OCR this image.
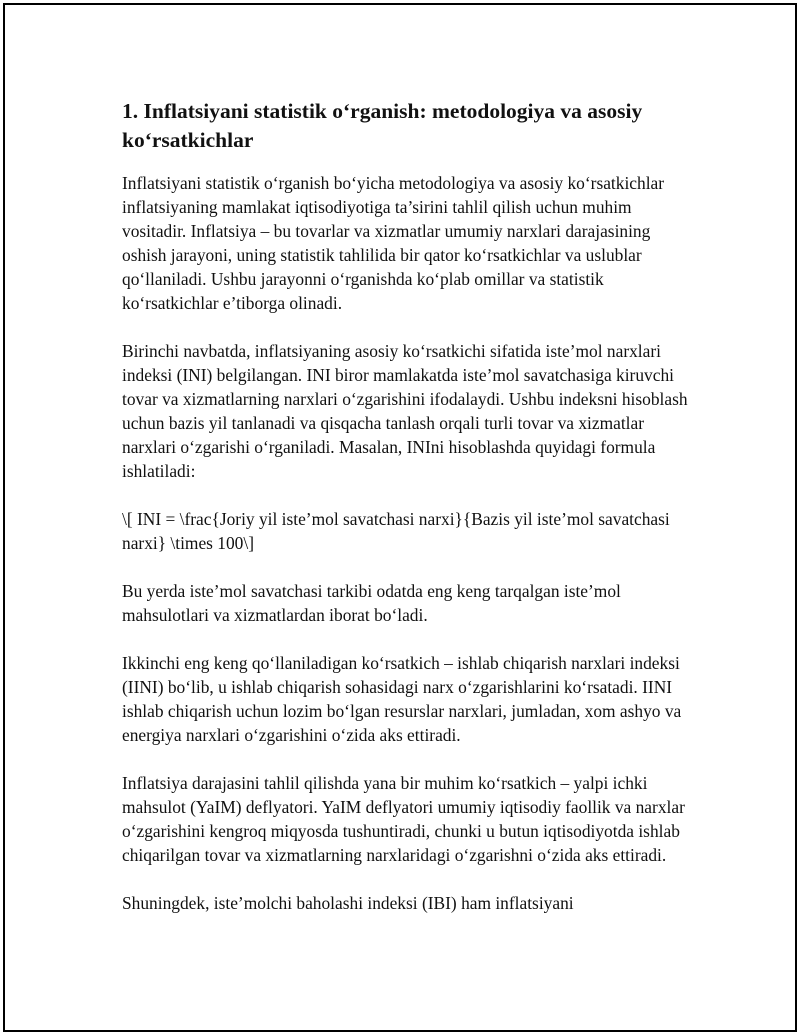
1. Inflatsiyani statistik o‘rganish: metodologiya va asosiy ko‘rsatkichlar

Inflatsiyani statistik o‘rganish bo‘yicha metodologiya va asosiy ko‘rsatkichlar inflatsiyaning mamlakat iqtisodiyotiga ta’sirini tahlil qilish uchun muhim vositadir. Inflatsiya – bu tovarlar va xizmatlar umumiy narxlari darajasining oshish jarayoni, uning statistik tahlilida bir qator ko‘rsatkichlar va uslublar qo‘llaniladi. Ushbu jarayonni o‘rganishda ko‘plab omillar va statistik ko‘rsatkichlar e’tiborga olinadi.

Birinchi navbatda, inflatsiyaning asosiy ko‘rsatkichi sifatida iste’mol narxlari indeksi (INI) belgilangan. INI biror mamlakatda iste’mol savatchasiga kiruvchi tovar va xizmatlarning narxlari o‘zgarishini ifodalaydi. Ushbu indeksni hisoblash uchun bazis yil tanlanadi va qisqacha tanlash orqali turli tovar va xizmatlar narxlari o‘zgarishi o‘rganiladi. Masalan, INIni hisoblashda quyidagi formula ishlatiladi:

\[ INI = \frac{Joriy yil iste’mol savatchasi narxi}{Bazis yil iste’mol savatchasi narxi} \times 100\]

Bu yerda iste’mol savatchasi tarkibi odatda eng keng tarqalgan iste’mol mahsulotlari va xizmatlardan iborat bo‘ladi.

Ikkinchi eng keng qo‘llaniladigan ko‘rsatkich – ishlab chiqarish narxlari indeksi (IINI) bo‘lib, u ishlab chiqarish sohasidagi narx o‘zgarishlarini ko‘rsatadi. IINI ishlab chiqarish uchun lozim bo‘lgan resurslar narxlari, jumladan, xom ashyo va energiya narxlari o‘zgarishini o‘zida aks ettiradi.

Inflatsiya darajasini tahlil qilishda yana bir muhim ko‘rsatkich – yalpi ichki mahsulot (YaIM) deflyatori. YaIM deflyatori umumiy iqtisodiy faollik va narxlar o‘zgarishini kengroq miqyosda tushuntiradi, chunki u butun iqtisodiyotda ishlab chiqarilgan tovar va xizmatlarning narxlaridagi o‘zgarishni o‘zida aks ettiradi.

Shuningdek, iste’molchi baholashi indeksi (IBI) ham inflatsiyani
